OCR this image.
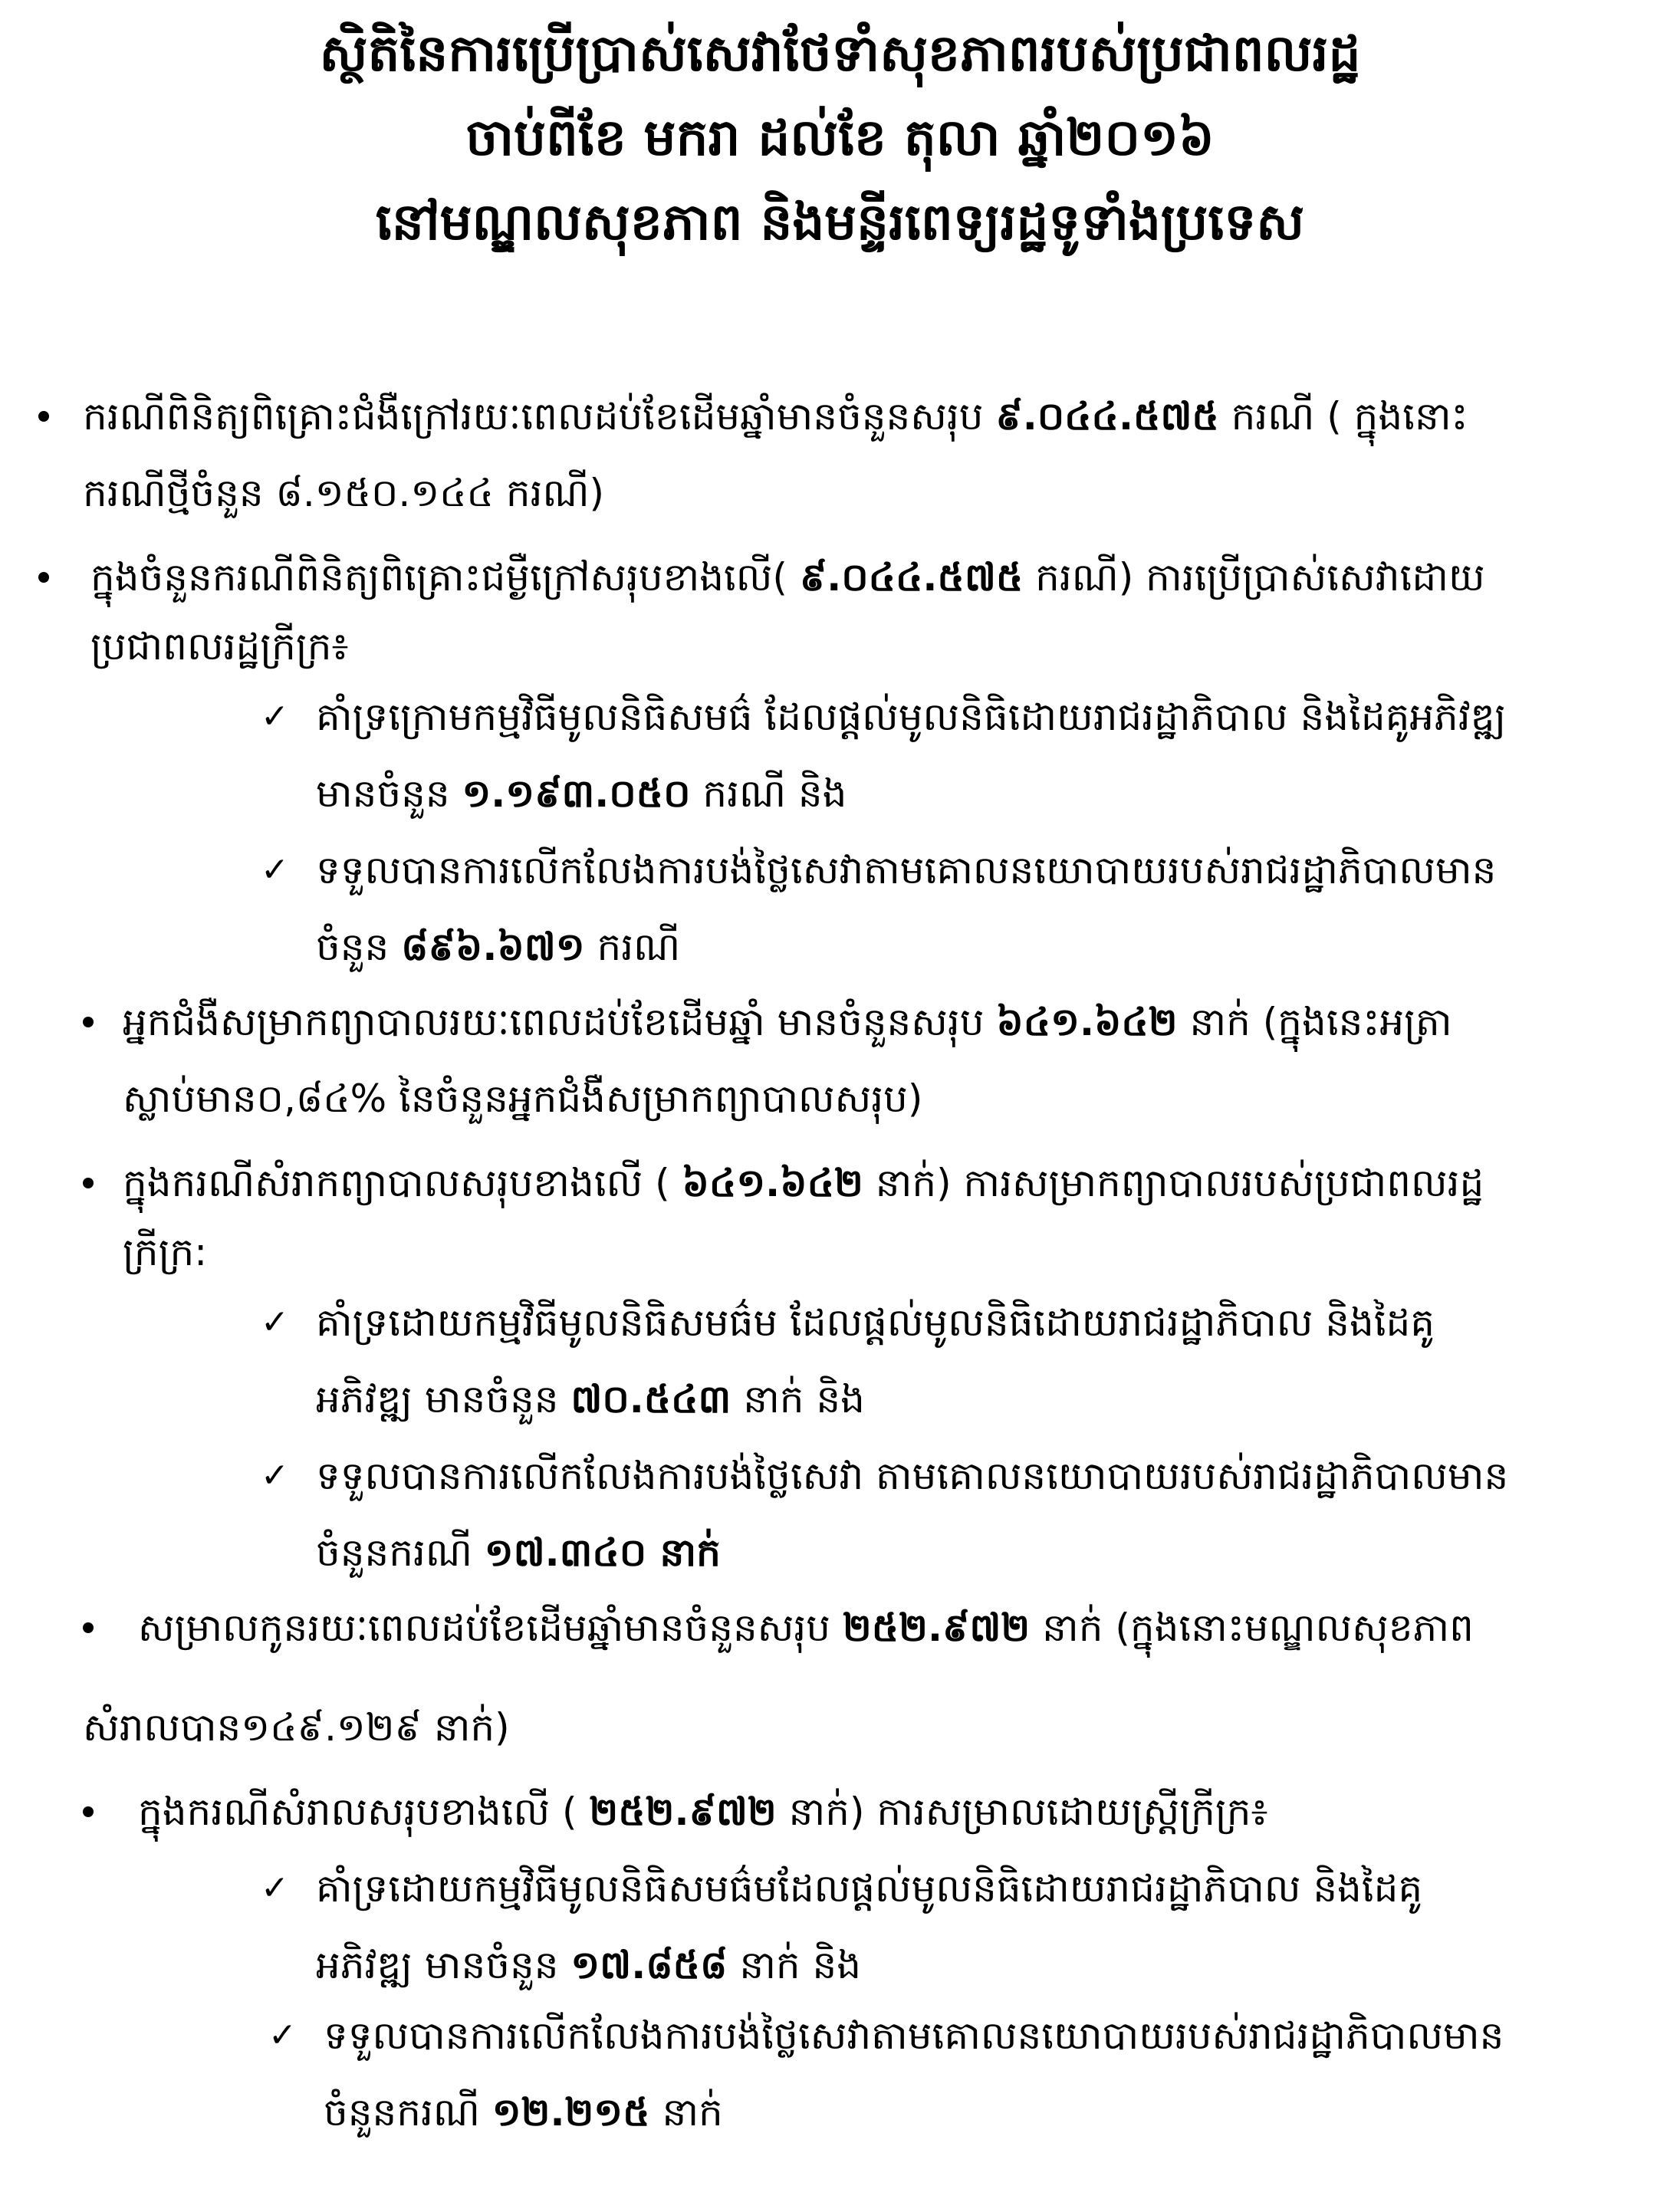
ស្ថិតិនៃការប្រើប្រាស់សេវាថែទាំសុខភាពរបស់ប្រជាពលរដ្ឋ
ចាប់ពីខែ មករា ដល់ខែ តុលា ឆ្នាំ២០១៦
នៅមណ្ឌលសុខភាព និងមន្ទីរពេទ្យរដ្ឋទូទាំងប្រទេស
ករណីពិនិត្យពិគ្រោះជំងឺក្រៅរយៈពេលដប់ខែដើមឆ្នាំមានចំនួនសរុប ៩.០៤៤.៥៧៥ ករណី ( ក្នុងនោះ
ករណីថ្មីចំនួន ៨.១៥០.១៤៤ ករណី)
ក្នុងចំនួនករណីពិនិត្យពិគ្រោះជម្ងឺក្រៅសរុបខាងលើ( ៩.០៤៤.៥៧៥ ករណី) ការប្រើប្រាស់សេវាដោយ
ប្រជាពលរដ្ឋក្រីក្រ៖
✓ គាំទ្រក្រោមកម្មវិធីមូលនិធិសមធ៌ ដែលផ្តល់មូលនិធិដោយរាជរដ្ឋាភិបាល និងដៃគូអភិវឌ្ឍ
មានចំនួន ១.១៩៣.០៥០ ករណី និង
✓ ទទួលបានការលើកលែងការបង់ថ្លៃសេវាតាមគោលនយោបាយរបស់រាជរដ្ឋាភិបាលមាន
ចំនួន ៨៩៦.៦៧១ ករណី
អ្នកជំងឺសម្រាកព្យាបាលរយៈពេលដប់ខែដើមឆ្នាំ មានចំនួនសរុប ៦៤១.៦៤២ នាក់ (ក្នុងនេះអត្រា
ស្លាប់មាន០,៨៤% នៃចំនួនអ្នកជំងឺសម្រាកព្យាបាលសរុប)
ក្នុងករណីសំរាកព្យាបាលសរុបខាងលើ ( ៦៤១.៦៤២ នាក់) ការសម្រាកព្យាបាលរបស់ប្រជាពលរដ្ឋ
ក្រីក្រ:
✓ គាំទ្រដោយកម្មវិធីមូលនិធិសមធ៌ម ដែលផ្តល់មូលនិធិដោយរាជរដ្ឋាភិបាល និងដៃគូ
អភិវឌ្ឍ មានចំនួន ៧០.៥៤៣ នាក់ និង
✓ ទទួលបានការលើកលែងការបង់ថ្លៃសេវា តាមគោលនយោបាយរបស់រាជរដ្ឋាភិបាលមាន
ចំនួនករណី ១៧.៣៤០ នាក់
សម្រាលកូនរយៈពេលដប់ខែដើមឆ្នាំមានចំនួនសរុប ២៥២.៩៧២ នាក់ (ក្នុងនោះមណ្ឌលសុខភាព
សំរាលបាន១៤៩.១២៩ នាក់)
ក្នុងករណីសំរាលសរុបខាងលើ ( ២៥២.៩៧២ នាក់) ការសម្រាលដោយស្ត្រីក្រីក្រ៖
✓ គាំទ្រដោយកម្មវិធីមូលនិធិសមធ៌មដែលផ្តល់មូលនិធិដោយរាជរដ្ឋាភិបាល និងដៃគូ
អភិវឌ្ឍ មានចំនួន ១៧.៨៥៨ នាក់ និង
✓ ទទួលបានការលើកលែងការបង់ថ្លៃសេវាតាមគោលនយោបាយរបស់រាជរដ្ឋាភិបាលមាន
ចំនួនករណី ១២.២១៥ នាក់
